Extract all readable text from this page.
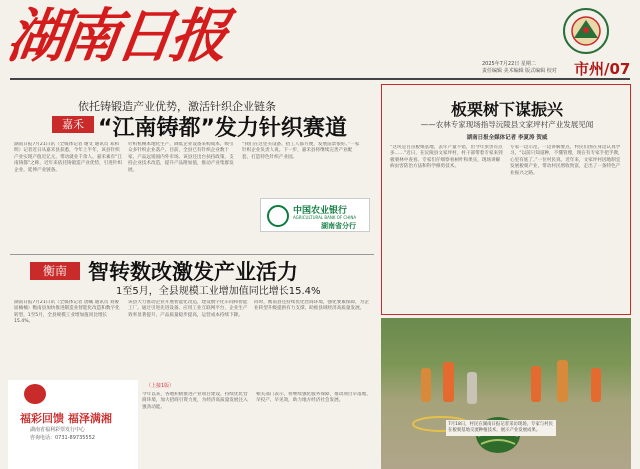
湖南日报	2025年7月22日 星期二
责任编辑 美术编辑 版式编辑 校对 市州/07
依托铸锻造产业优势，激活针织企业链条
嘉禾 “江南铸都”发力针织赛道
湖南日报7月21日讯（全媒体记者 谢文 通讯员 邓和明）记者近日从嘉禾县获悉，今年上半年，该县针织产业实现产值近亿元，带动就业千余人。嘉禾素有“江南铸都”之称，近年来依托铸锻造产业优势，引进针织企业，延伸产业链条。
针织机械本地化生产，降低企业设备采购成本，吸引众多针织企业落户。目前，全县已有针织企业数十家，产品远销国内外市场。该县还出台扶持政策，支持企业技术改造，提升产品附加值，推动产业集群发展。
“我们在这里买设备、招工人都方便，发展前景很好。”一家针织企业负责人说。下一步，嘉禾县将继续完善产业配套，打造特色针织产业园。
中国农业银行
AGRICULTURAL BANK OF CHINA
湖南省分行
衡南	智转数改激发产业活力
1至5月，全县规模工业增加值同比增长15.4%
湖南日报7月21日讯（全媒体记者 唐曦 通讯员 刘俊 屈楠楠）衡南县加快推进制造业智能化改造和数字化转型，1至5月，全县规模工业增加值同比增长15.4%。
该县大力推动企业开展智能化改造，建设数字化车间和智能工厂。通过引进先进设备、应用工业互联网平台，企业生产效率显著提升，产品质量稳步提高，运营成本持续下降。
同时，衡南县还持续优化营商环境，强化要素保障，为企业转型升级提供有力支撑，助推县域经济高质量发展。
板栗树下谋振兴
——农林专家现场指导沅陵县文家坪村产业发展见闻
湖南日报全媒体记者 李夏涛 贺威
“这块是百亩板栗基地，去年产量不错，但今年虫害有点多……”近日，在沅陵县文家坪村，村干部带着专家来到板栗林中查看。专家们仔细察看树叶和果实，现场讲解病虫害防治方法和科学修剪技术。
专家一边示范，一边讲解要点，村民们围在身边认真学习。“以前只知道种，不懂管理，现在有专家手把手教，心里有底了。”一位村民说。近年来，文家坪村因地制宜发展板栗产业，带动村民增收致富，走出了一条特色产业振兴之路。
7月18日，村民在湖南日报记者采访现场，专家与村民在板栗基地交流种植技术，展示产业发展成果。
福彩回馈 福泽满湘
湖南省福利彩票发行中心
咨询电话：0731-89735552
（上接1版）
今年以来，各地积极推进产业项目建设，持续优化营商环境，加大招商引资力度，为经济高质量发展注入强劲动能。
相关部门表示，将继续强化服务保障，推动项目早落地、早投产、早见效，助力地方经济社会发展。
